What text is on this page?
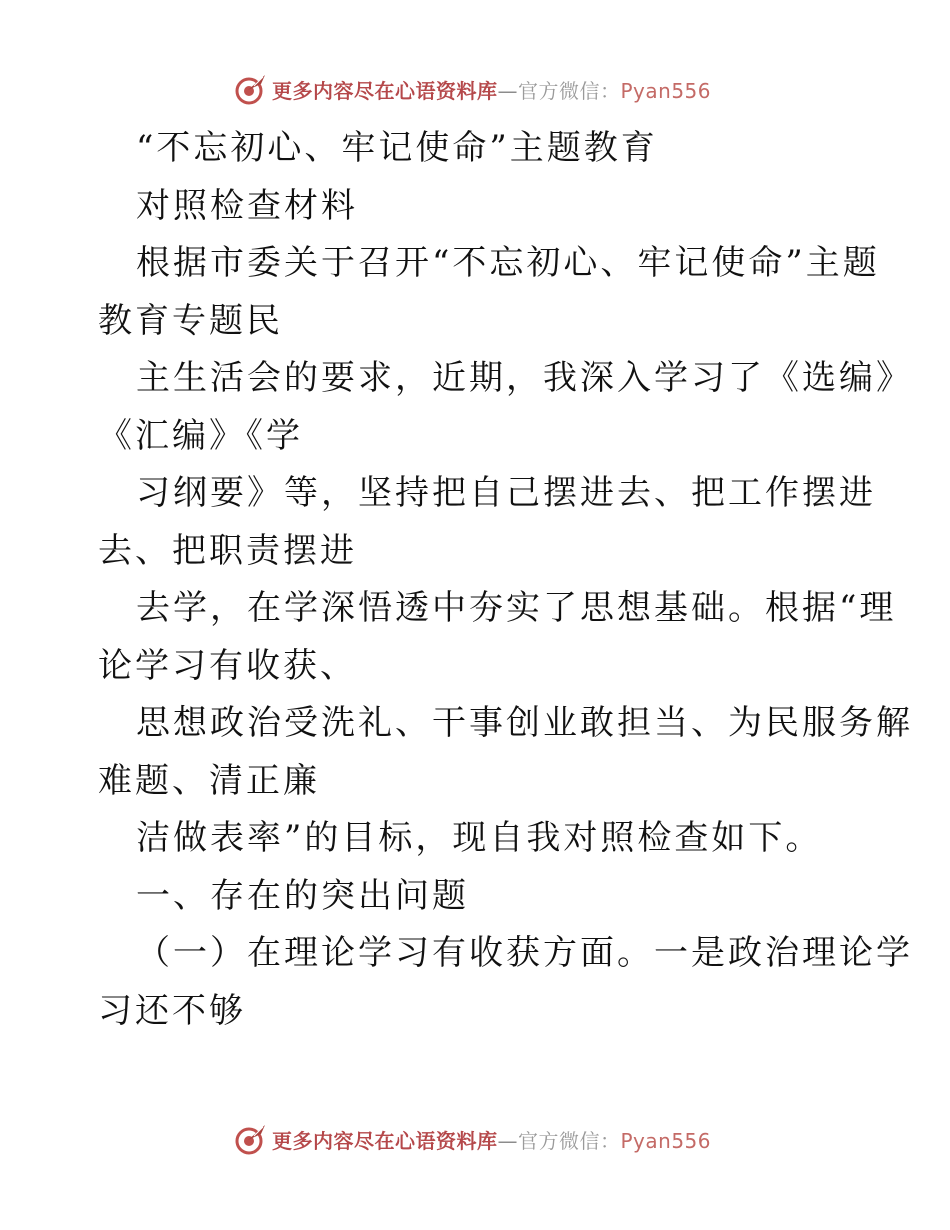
更多内容尽在心语资料库—官方微信：Pyan556
“不忘初心、牢记使命”主题教育
对照检查材料
根据市委关于召开“不忘初心、牢记使命”主题
教育专题民
主生活会的要求，近期，我深入学习了《选编》
《汇编》《学
习纲要》等，坚持把自己摆进去、把工作摆进
去、把职责摆进
去学，在学深悟透中夯实了思想基础。根据“理
论学习有收获、
思想政治受洗礼、干事创业敢担当、为民服务解
难题、清正廉
洁做表率”的目标，现自我对照检查如下。
一、存在的突出问题
（一）在理论学习有收获方面。一是政治理论学
习还不够
更多内容尽在心语资料库—官方微信：Pyan556
